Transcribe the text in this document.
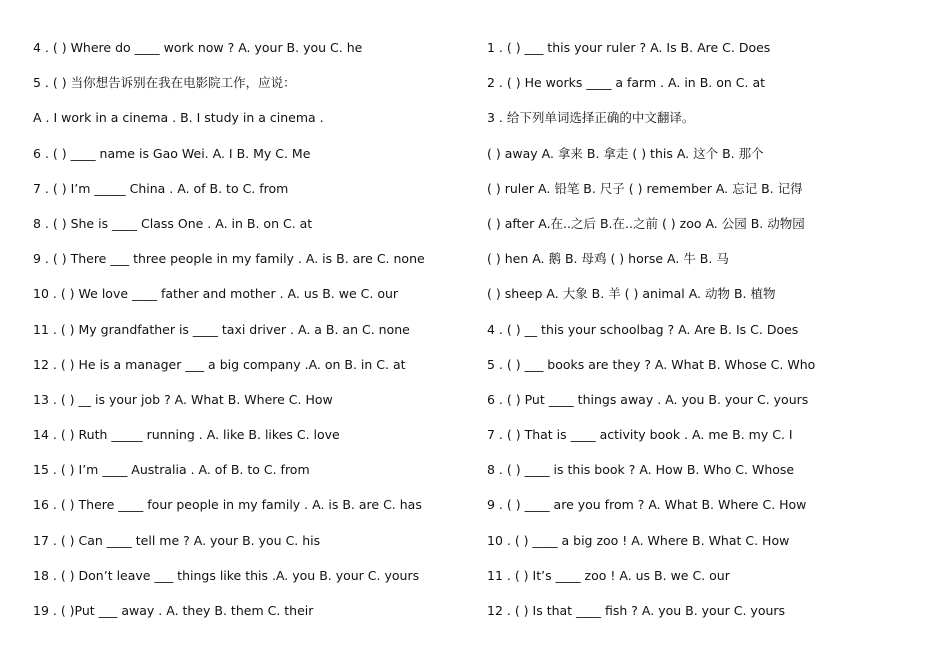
4 . ( ) Where do ____ work now ? A. your B. you C. he
5 . ( ) 当你想告诉别在我在电影院工作，应说：
A . I work in a cinema . B. I study in a cinema .
6 . ( ) ____ name is Gao Wei. A. I B. My C. Me
7 . ( ) I’m _____ China . A. of B. to C. from
8 . ( ) She is ____ Class One . A. in B. on C. at
9 . ( ) There ___ three people in my family . A. is B. are C. none
10 . ( ) We love ____ father and mother . A. us B. we C. our
11 . ( ) My grandfather is ____ taxi driver . A. a B. an C. none
12 . ( ) He is a manager ___ a big company .A. on B. in C. at
13 . ( ) __ is your job ? A. What B. Where C. How
14 . ( ) Ruth _____ running . A. like B. likes C. love
15 . ( ) I’m ____ Australia . A. of B. to C. from
16 . ( ) There ____ four people in my family . A. is B. are C. has
17 . ( ) Can ____ tell me ? A. your B. you C. his
18 . ( ) Don’t leave ___ things like this .A. you B. your C. yours
19 . ( )Put ___ away . A. they B. them C. their
1 . ( ) ___ this your ruler ? A. Is B. Are C. Does
2 . ( ) He works ____ a farm . A. in B. on C. at
3 . 给下列单词选择正确的中文翻译。
( ) away A. 拿来 B. 拿走 ( ) this A. 这个 B. 那个
( ) ruler A. 铅笔 B. 尺子 ( ) remember A. 忘记 B. 记得
( ) after A.在..之后 B.在..之前 ( ) zoo A. 公园 B. 动物园
( ) hen A. 鹅 B. 母鸡 ( ) horse A. 牛 B. 马
( ) sheep A. 大象 B. 羊 ( ) animal A. 动物 B. 植物
4 . ( ) __ this your schoolbag ? A. Are B. Is C. Does
5 . ( ) ___ books are they ? A. What B. Whose C. Who
6 . ( ) Put ____ things away . A. you B. your C. yours
7 . ( ) That is ____ activity book . A. me B. my C. I
8 . ( ) ____ is this book ? A. How B. Who C. Whose
9 . ( ) ____ are you from ? A. What B. Where C. How
10 . ( ) ____ a big zoo ! A. Where B. What C. How
11 . ( ) It’s ____ zoo ! A. us B. we C. our
12 . ( ) Is that ____ fish ? A. you B. your C. yours
